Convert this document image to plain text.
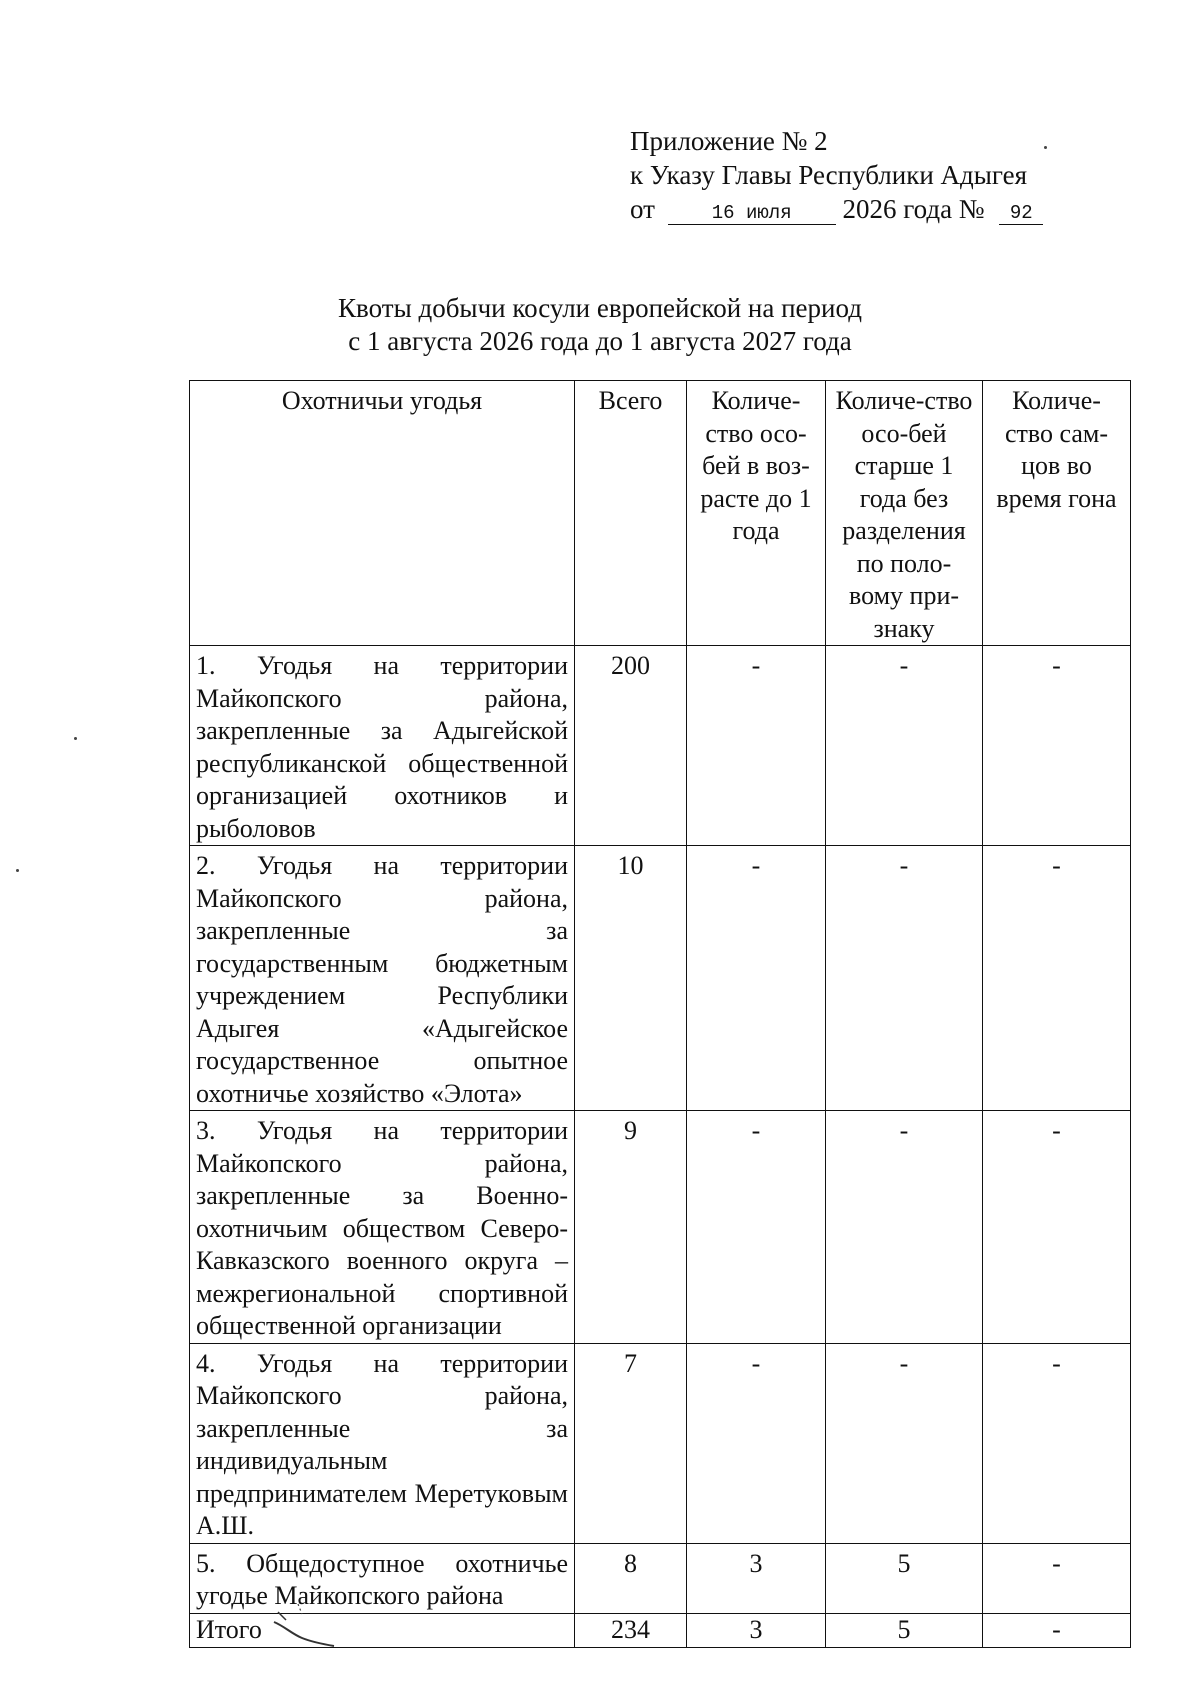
Приложение № 2
к Указу Главы Республики Адыгея
от	16 июля 2026 года № 92
Квоты добычи косули европейской на период
с 1 августа 2026 года до 1 августа 2027 года
Охотничьи угодья	Всего	Количе-ство осо-бей в воз-расте до 1 года	Количе-ство осо-бей старше 1 года без разделения по поло-вому при-знаку	Количе-ство сам-цов во время гона
1. Угодья на территории Майкопского района, закрепленные за Адыгейской республиканской общественной организацией охотников и рыболовов	200	-	-	-
2. Угодья на территории Майкопского района, закрепленные за государственным бюджетным учреждением Республики Адыгея «Адыгейское государственное опытное охотничье хозяйство «Элота»	10	-	-	-
3. Угодья на территории Майкопского района, закрепленные за Военно-охотничьим обществом Северо-Кавказского военного округа – межрегиональной спортивной общественной организации	9	-	-	-
4. Угодья на территории Майкопского района, закрепленные за индивидуальным предпринимателем Меретуковым А.Ш.	7	-	-	-
5. Общедоступное охотничье угодье Майкопского района	8	3	5	-
Итого	234	3	5	-
